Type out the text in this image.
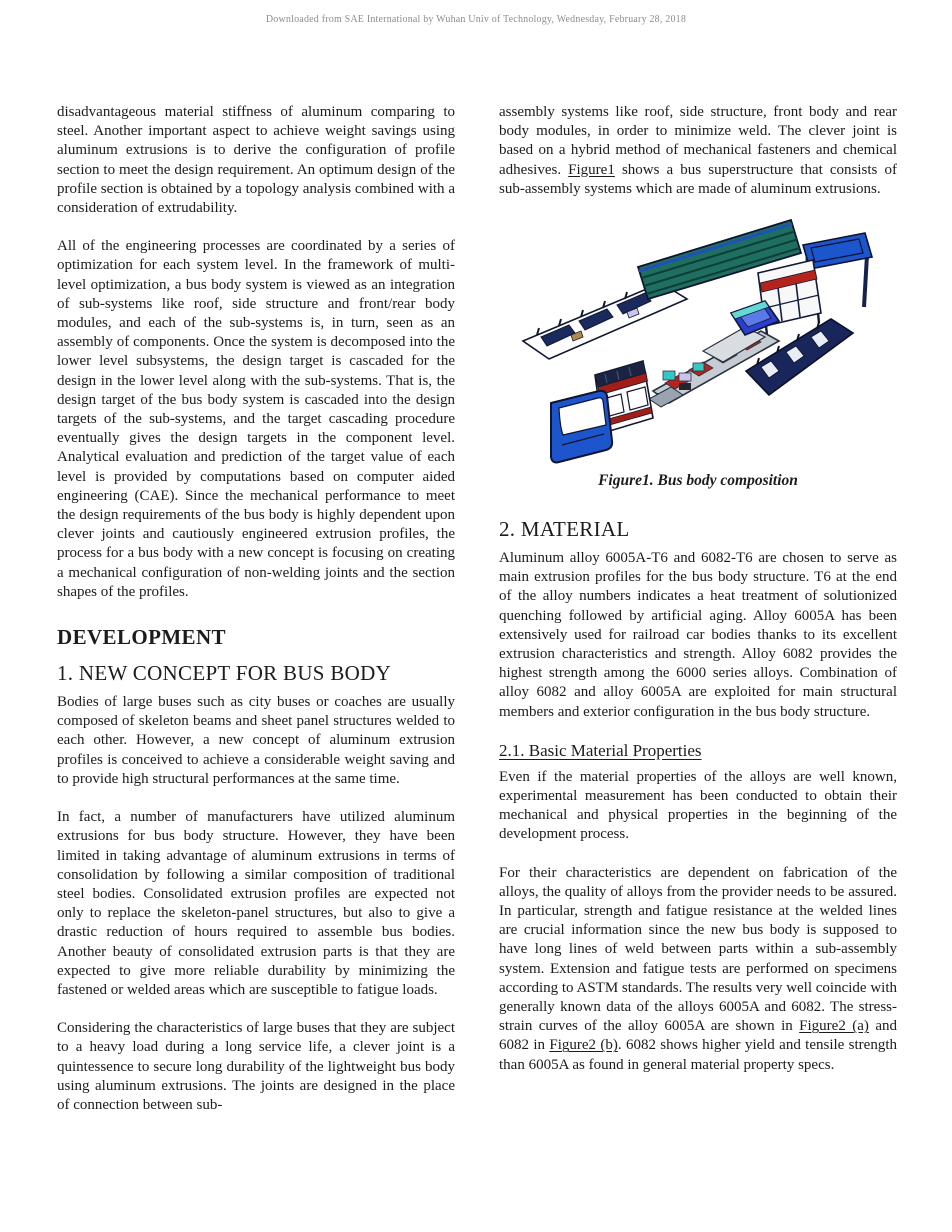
Downloaded from SAE International by Wuhan Univ of Technology, Wednesday, February 28, 2018

disadvantageous material stiffness of aluminum comparing to steel. Another important aspect to achieve weight savings using aluminum extrusions is to derive the configuration of profile section to meet the design requirement. An optimum design of the profile section is obtained by a topology analysis combined with a consideration of extrudability.

All of the engineering processes are coordinated by a series of optimization for each system level. In the framework of multi-level optimization, a bus body system is viewed as an integration of sub-systems like roof, side structure and front/rear body modules, and each of the sub-systems is, in turn, seen as an assembly of components. Once the system is decomposed into the lower level subsystems, the design target is cascaded for the design in the lower level along with the sub-systems. That is, the design target of the bus body system is cascaded into the design targets of the sub-systems, and the target cascading procedure eventually gives the design targets in the component level. Analytical evaluation and prediction of the target value of each level is provided by computations based on computer aided engineering (CAE). Since the mechanical performance to meet the design requirements of the bus body is highly dependent upon clever joints and cautiously engineered extrusion profiles, the process for a bus body with a new concept is focusing on creating a mechanical configuration of non-welding joints and the section shapes of the profiles.

DEVELOPMENT
1. NEW CONCEPT FOR BUS BODY

Bodies of large buses such as city buses or coaches are usually composed of skeleton beams and sheet panel structures welded to each other. However, a new concept of aluminum extrusion profiles is conceived to achieve a considerable weight saving and to provide high structural performances at the same time.

In fact, a number of manufacturers have utilized aluminum extrusions for bus body structure. However, they have been limited in taking advantage of aluminum extrusions in terms of consolidation by following a similar composition of traditional steel bodies. Consolidated extrusion profiles are expected not only to replace the skeleton-panel structures, but also to give a drastic reduction of hours required to assemble bus bodies. Another beauty of consolidated extrusion parts is that they are expected to give more reliable durability by minimizing the fastened or welded areas which are susceptible to fatigue loads.

Considering the characteristics of large buses that they are subject to a heavy load during a long service life, a clever joint is a quintessence to secure long durability of the lightweight bus body using aluminum extrusions. The joints are designed in the place of connection between sub-

assembly systems like roof, side structure, front body and rear body modules, in order to minimize weld. The clever joint is based on a hybrid method of mechanical fasteners and chemical adhesives. Figure1 shows a bus superstructure that consists of sub-assembly systems which are made of aluminum extrusions.

Figure1. Bus body composition

2. MATERIAL

Aluminum alloy 6005A-T6 and 6082-T6 are chosen to serve as main extrusion profiles for the bus body structure. T6 at the end of the alloy numbers indicates a heat treatment of solutionized quenching followed by artificial aging. Alloy 6005A has been extensively used for railroad car bodies thanks to its excellent extrusion characteristics and strength. Alloy 6082 provides the highest strength among the 6000 series alloys. Combination of alloy 6082 and alloy 6005A are exploited for main structural members and exterior configuration in the bus body structure.

2.1. Basic Material Properties

Even if the material properties of the alloys are well known, experimental measurement has been conducted to obtain their mechanical and physical properties in the beginning of the development process.

For their characteristics are dependent on fabrication of the alloys, the quality of alloys from the provider needs to be assured. In particular, strength and fatigue resistance at the welded lines are crucial information since the new bus body is supposed to have long lines of weld between parts within a sub-assembly system. Extension and fatigue tests are performed on specimens according to ASTM standards. The results very well coincide with generally known data of the alloys 6005A and 6082. The stress-strain curves of the alloy 6005A are shown in Figure2 (a) and 6082 in Figure2 (b). 6082 shows higher yield and tensile strength than 6005A as found in general material property specs.
